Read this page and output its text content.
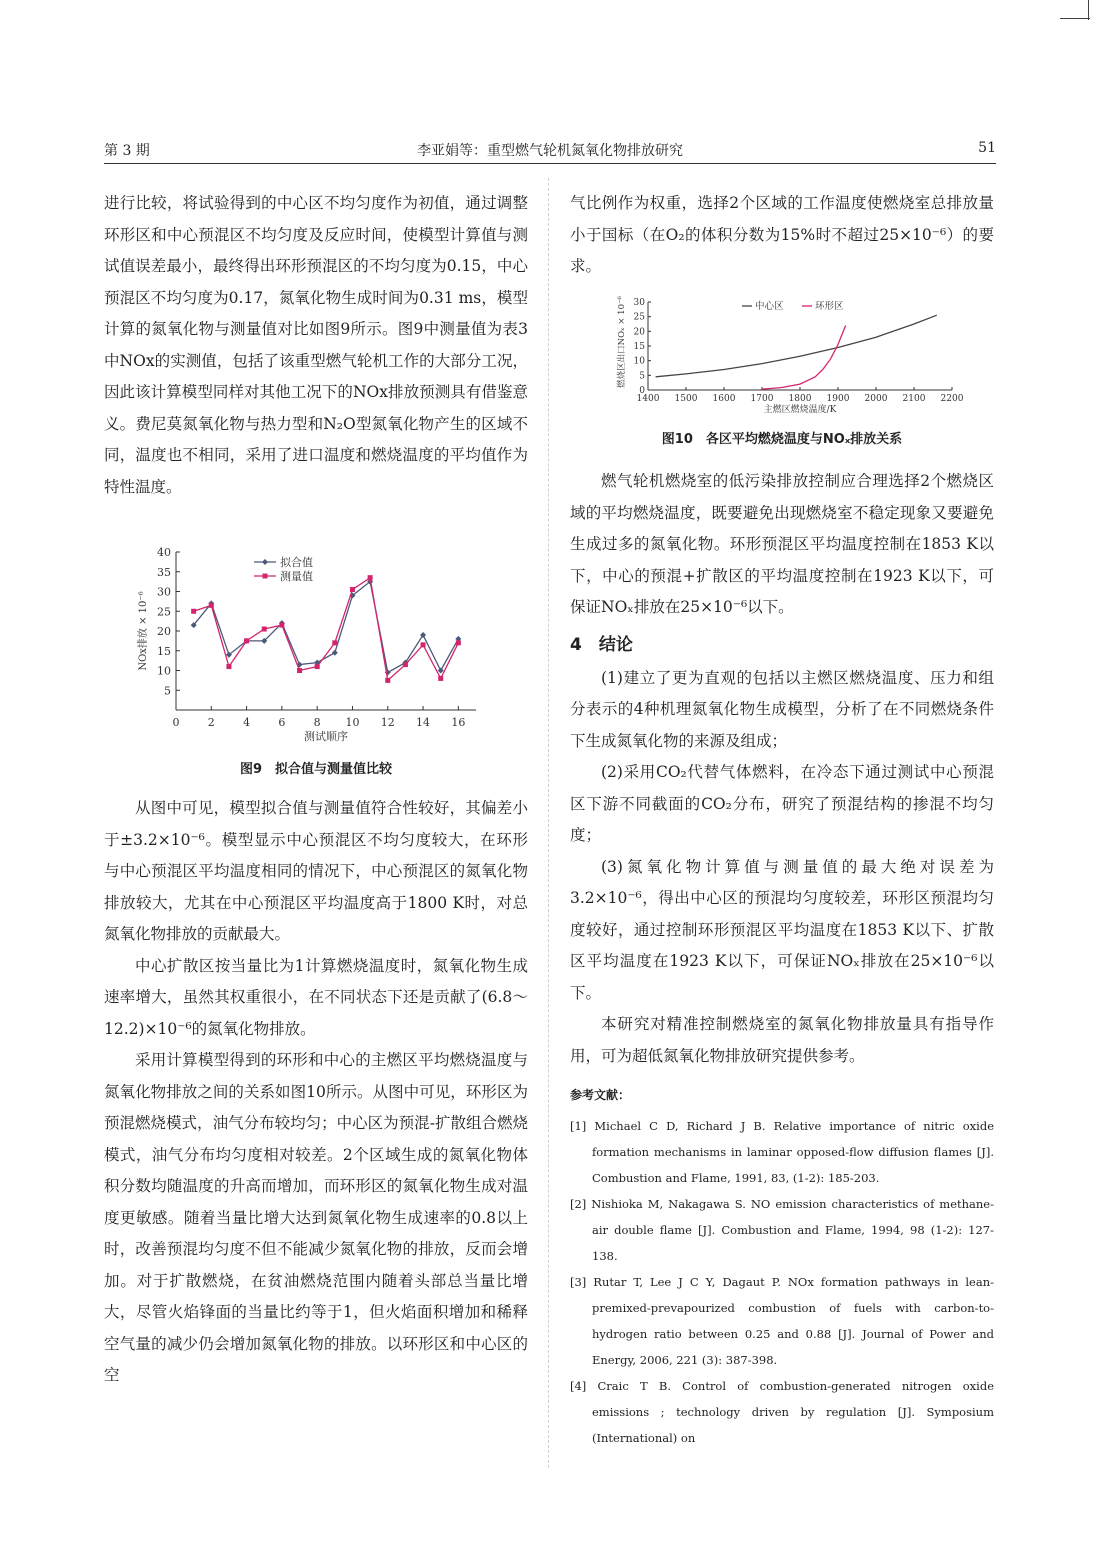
第 3 期	李亚娟等：重型燃气轮机氮氧化物排放研究	51

进行比较，将试验得到的中心区不均匀度作为初值，通过调整环形区和中心预混区不均匀度及反应时间，使模型计算值与测试值误差最小，最终得出环形预混区的不均匀度为0.15，中心预混区不均匀度为0.17，氮氧化物生成时间为0.31 ms，模型计算的氮氧化物与测量值对比如图9所示。图9中测量值为表3中NOx的实测值，包括了该重型燃气轮机工作的大部分工况，因此该计算模型同样对其他工况下的NOx排放预测具有借鉴意义。费尼莫氮氧化物与热力型和N₂O型氮氧化物产生的区域不同，温度也不相同，采用了进口温度和燃烧温度的平均值作为特性温度。

5
10
15
20
25
30
35
40
0	2	4	6	8 10 12 14 16
测试顺序
NOx排放 × 10⁻⁶
拟合值
测量值
图9　拟合值与测量值比较

从图中可见，模型拟合值与测量值符合性较好，其偏差小于±3.2×10⁻⁶。模型显示中心预混区不均匀度较大，在环形与中心预混区平均温度相同的情况下，中心预混区的氮氧化物排放较大，尤其在中心预混区平均温度高于1800 K时，对总氮氧化物排放的贡献最大。

中心扩散区按当量比为1计算燃烧温度时，氮氧化物生成速率增大，虽然其权重很小，在不同状态下还是贡献了(6.8～12.2)×10⁻⁶的氮氧化物排放。

采用计算模型得到的环形和中心的主燃区平均燃烧温度与氮氧化物排放之间的关系如图10所示。从图中可见，环形区为预混燃烧模式，油气分布较均匀；中心区为预混-扩散组合燃烧模式，油气分布均匀度相对较差。2个区域生成的氮氧化物体积分数均随温度的升高而增加，而环形区的氮氧化物生成对温度更敏感。随着当量比增大达到氮氧化物生成速率的0.8以上时，改善预混均匀度不但不能减少氮氧化物的排放，反而会增加。对于扩散燃烧，在贫油燃烧范围内随着头部总当量比增大，尽管火焰锋面的当量比约等于1，但火焰面积增加和稀释空气量的减少仍会增加氮氧化物的排放。以环形区和中心区的空

气比例作为权重，选择2个区域的工作温度使燃烧室总排放量小于国标（在O₂的体积分数为15%时不超过25×10⁻⁶）的要求。

0
5
10
15
20
25
30
1400 1500 1600 1700 1800 1900 2000 2100 2200
主燃区燃烧温度/K
燃烧区出口NOₓ × 10⁻⁶	中心区	环形区
图10　各区平均燃烧温度与NOₓ排放关系

燃气轮机燃烧室的低污染排放控制应合理选择2个燃烧区域的平均燃烧温度，既要避免出现燃烧室不稳定现象又要避免生成过多的氮氧化物。环形预混区平均温度控制在1853 K以下，中心的预混+扩散区的平均温度控制在1923 K以下，可保证NOₓ排放在25×10⁻⁶以下。

4　结论

(1)建立了更为直观的包括以主燃区燃烧温度、压力和组分表示的4种机理氮氧化物生成模型，分析了在不同燃烧条件下生成氮氧化物的来源及组成；

(2)采用CO₂代替气体燃料，在冷态下通过测试中心预混区下游不同截面的CO₂分布，研究了预混结构的掺混不均匀度；

(3)氮氧化物计算值与测量值的最大绝对误差为3.2×10⁻⁶，得出中心区的预混均匀度较差，环形区预混均匀度较好，通过控制环形预混区平均温度在1853 K以下、扩散区平均温度在1923 K以下，可保证NOₓ排放在25×10⁻⁶以下。

本研究对精准控制燃烧室的氮氧化物排放量具有指导作用，可为超低氮氧化物排放研究提供参考。

参考文献：

[1] Michael C D, Richard J B. Relative importance of nitric oxide formation mechanisms in laminar opposed-flow diffusion flames [J]. Combustion and Flame, 1991, 83, (1-2): 185-203.

[2] Nishioka M, Nakagawa S. NO emission characteristics of methane-air double flame [J]. Combustion and Flame, 1994, 98 (1-2): 127-138.

[3] Rutar T, Lee J C Y, Dagaut P. NOx formation pathways in lean-premixed-prevapourized combustion of fuels with carbon-to-hydrogen ratio between 0.25 and 0.88 [J]. Journal of Power and Energy, 2006, 221 (3): 387-398.

[4] Craic T B. Control of combustion-generated nitrogen oxide emissions ; technology driven by regulation [J]. Symposium (International) on
